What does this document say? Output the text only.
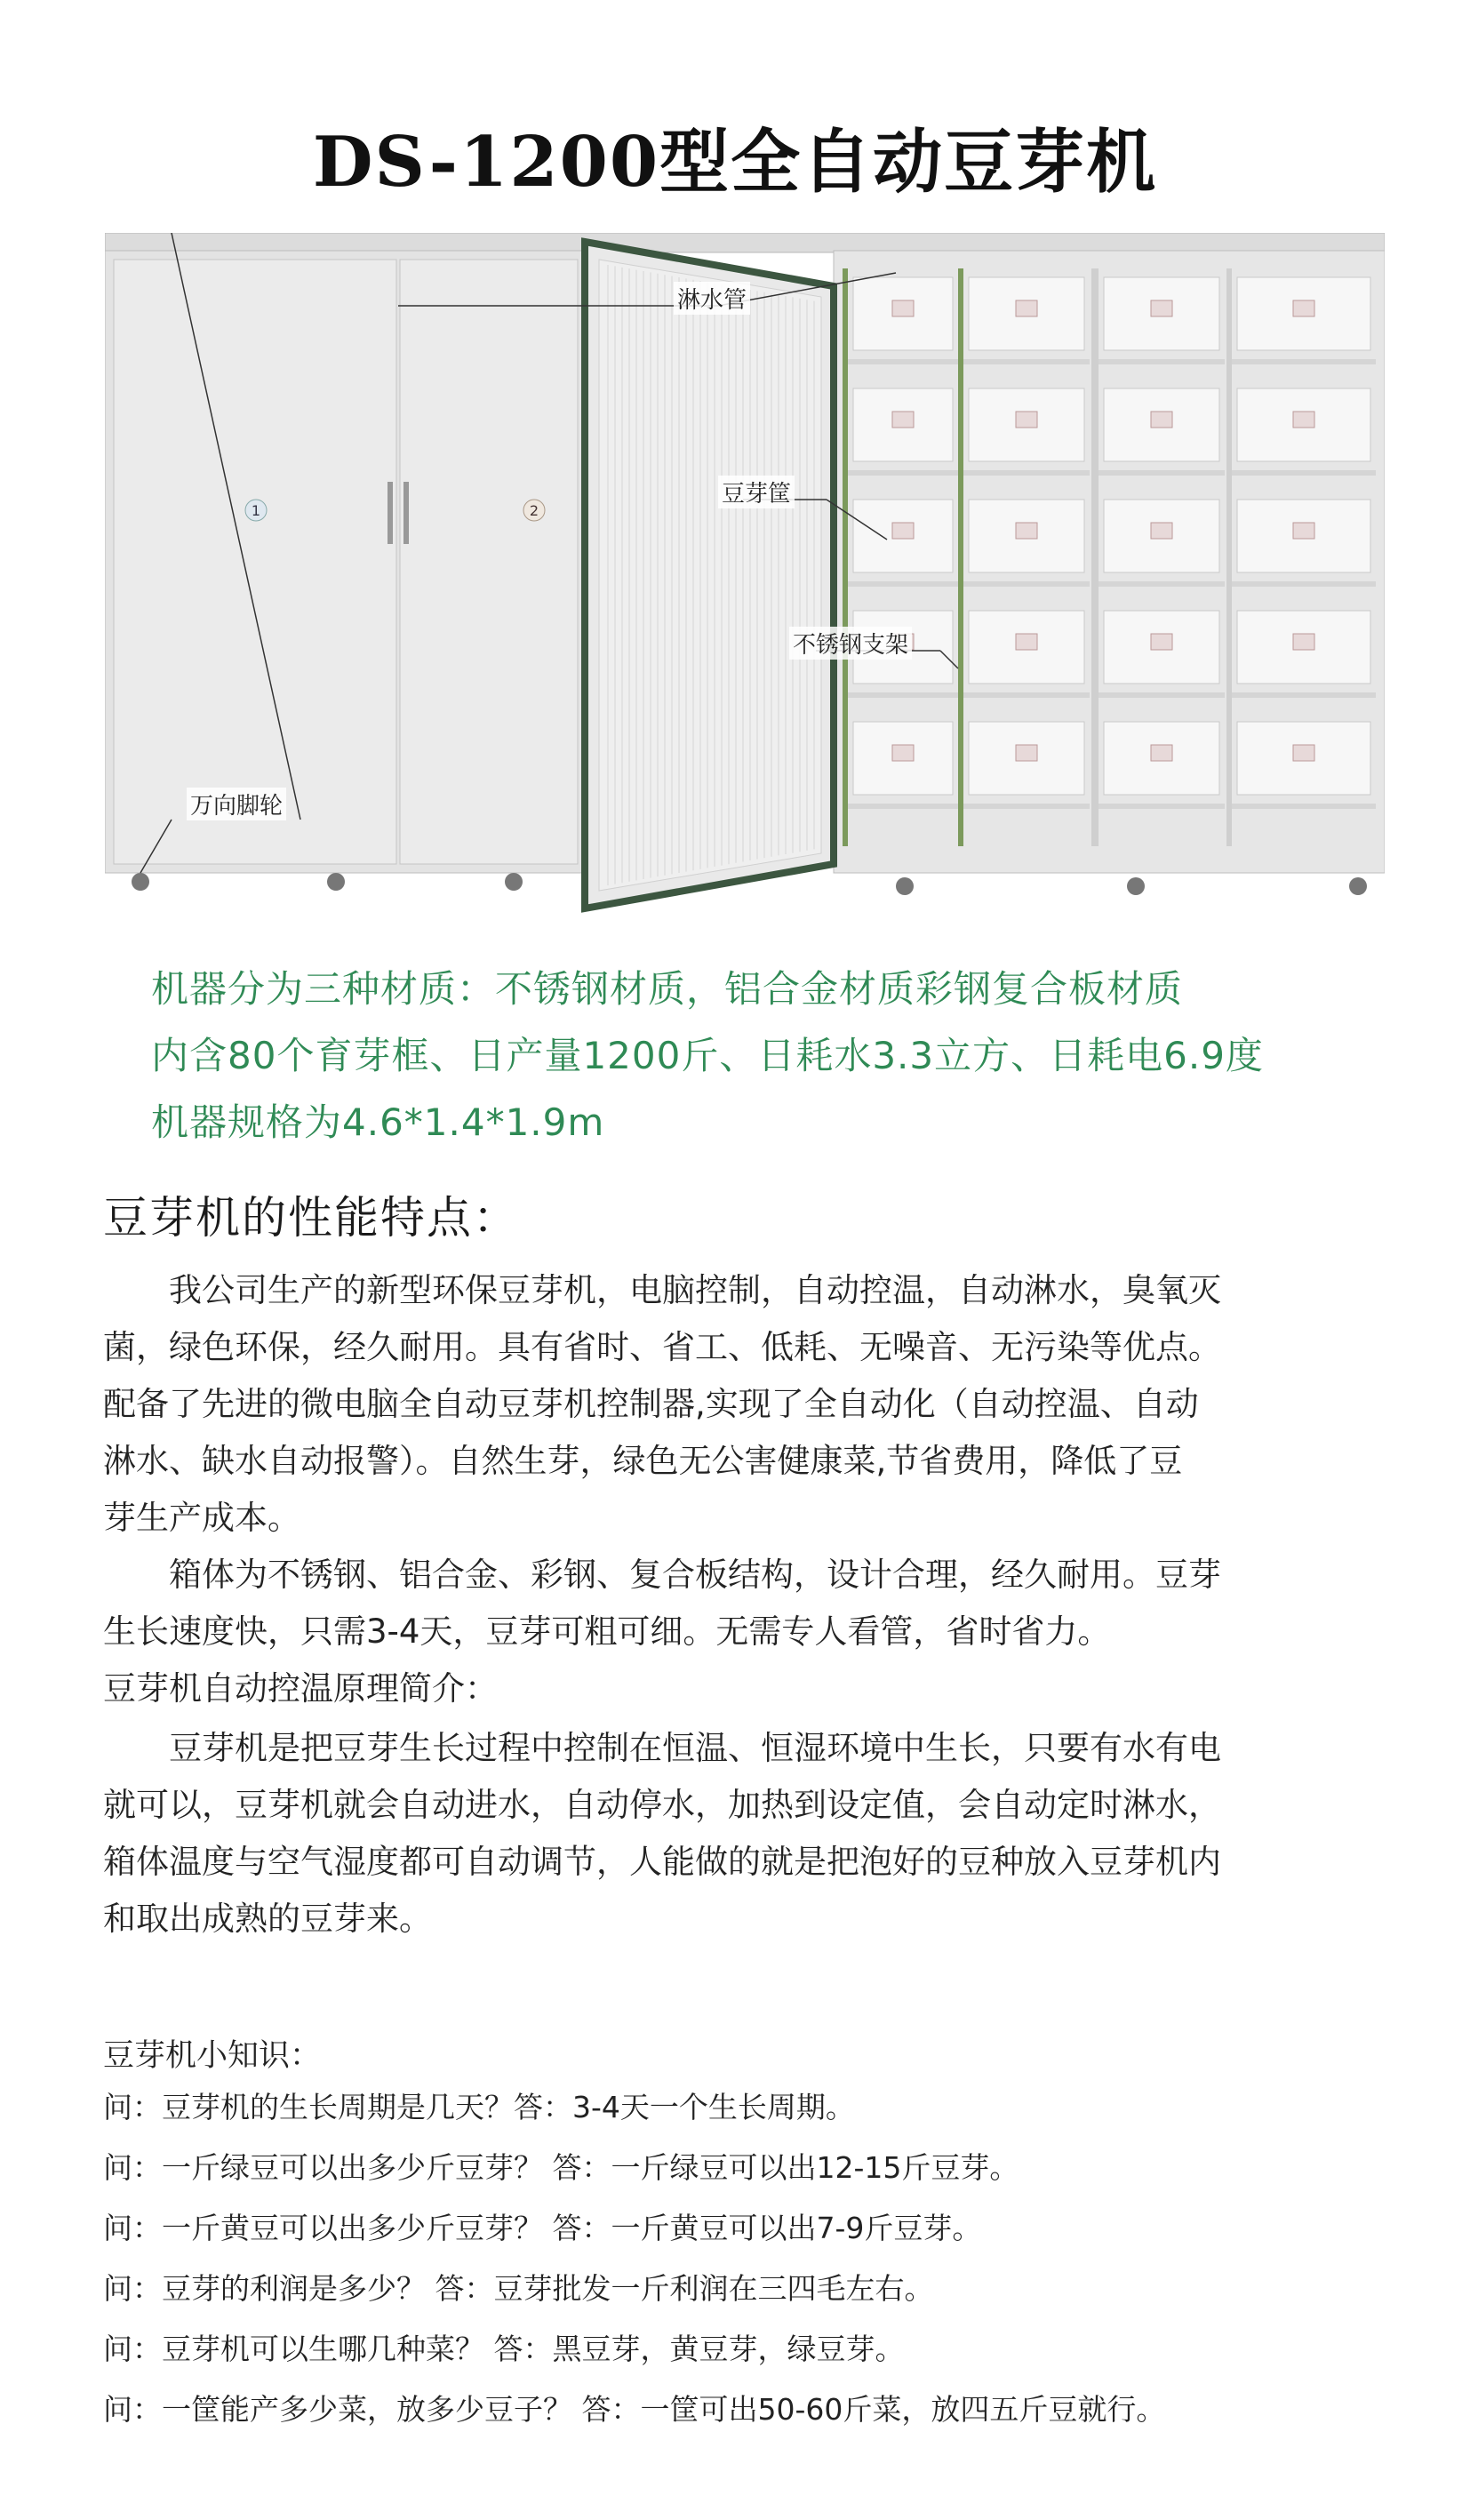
DS-1200型全自动豆芽机
1	2
淋水管
豆芽筐
不锈钢支架
万向脚轮
机器分为三种材质：不锈钢材质，铝合金材质彩钢复合板材质
内含80个育芽框、日产量1200斤、日耗水3.3立方、日耗电6.9度
机器规格为4.6*1.4*1.9m
豆芽机的性能特点：
　　我公司生产的新型环保豆芽机，电脑控制，自动控温，自动淋水，臭氧灭
菌，绿色环保，经久耐用。具有省时、省工、低耗、无噪音、无污染等优点。
配备了先进的微电脑全自动豆芽机控制器,实现了全自动化（自动控温、自动
淋水、缺水自动报警）。自然生芽，绿色无公害健康菜,节省费用，降低了豆
芽生产成本。
　　箱体为不锈钢、铝合金、彩钢、复合板结构，设计合理，经久耐用。豆芽
生长速度快，只需3-4天，豆芽可粗可细。无需专人看管，省时省力。
豆芽机自动控温原理简介：
　　豆芽机是把豆芽生长过程中控制在恒温、恒湿环境中生长，只要有水有电
就可以，豆芽机就会自动进水，自动停水，加热到设定值，会自动定时淋水，
箱体温度与空气湿度都可自动调节，人能做的就是把泡好的豆种放入豆芽机内
和取出成熟的豆芽来。
豆芽机小知识：
问：豆芽机的生长周期是几天？答：3-4天一个生长周期。
问：一斤绿豆可以出多少斤豆芽？ 答：一斤绿豆可以出12-15斤豆芽。
问：一斤黄豆可以出多少斤豆芽？ 答：一斤黄豆可以出7-9斤豆芽。
问：豆芽的利润是多少？ 答：豆芽批发一斤利润在三四毛左右。
问：豆芽机可以生哪几种菜？ 答：黑豆芽，黄豆芽，绿豆芽。
问：一筐能产多少菜，放多少豆子？ 答：一筐可出50-60斤菜，放四五斤豆就行。
